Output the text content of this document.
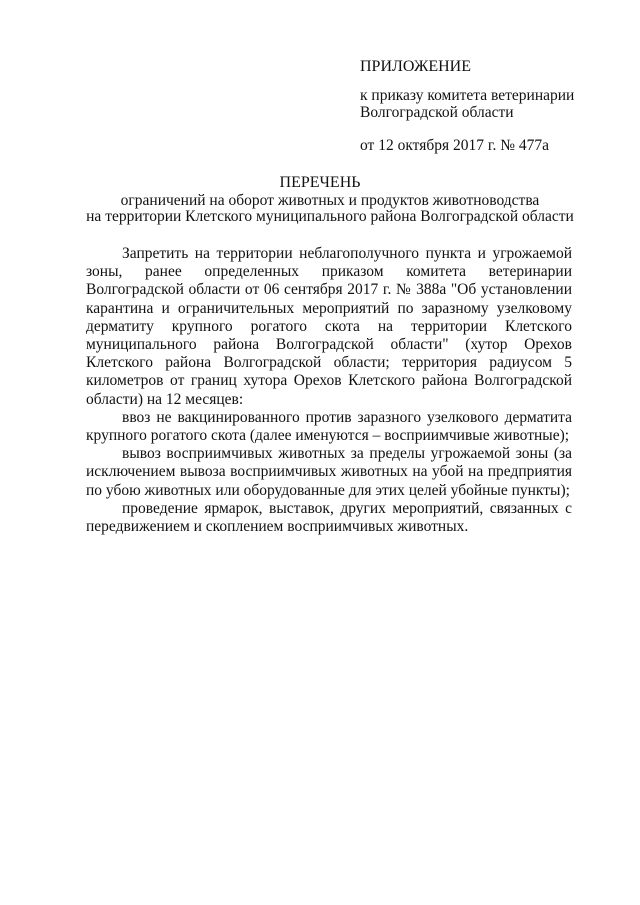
ПРИЛОЖЕНИЕ
к приказу комитета ветеринарии
Волгоградской области
от 12 октября 2017 г. № 477а
ПЕРЕЧЕНЬ
ограничений на оборот животных и продуктов животноводства
на территории Клетского муниципального района Волгоградской области

Запретить на территории неблагополучного пункта и угрожаемой зоны, ранее определенных приказом комитета ветеринарии Волгоградской области от 06 сентября 2017 г. № 388а "Об установлении карантина и ограничительных мероприятий по заразному узелковому дерматиту крупного рогатого скота на территории Клетского муниципального района Волгоградской области" (хутор Орехов Клетского района Волгоградской области; территория радиусом 5 километров от границ хутора Орехов Клетского района Волгоградской области) на 12 месяцев:

ввоз не вакцинированного против заразного узелкового дерматита крупного рогатого скота (далее именуются – восприимчивые животные);

вывоз восприимчивых животных за пределы угрожаемой зоны (за исключением вывоза восприимчивых животных на убой на предприятия по убою животных или оборудованные для этих целей убойные пункты);

проведение ярмарок, выставок, других мероприятий, связанных с передвижением и скоплением восприимчивых животных.
